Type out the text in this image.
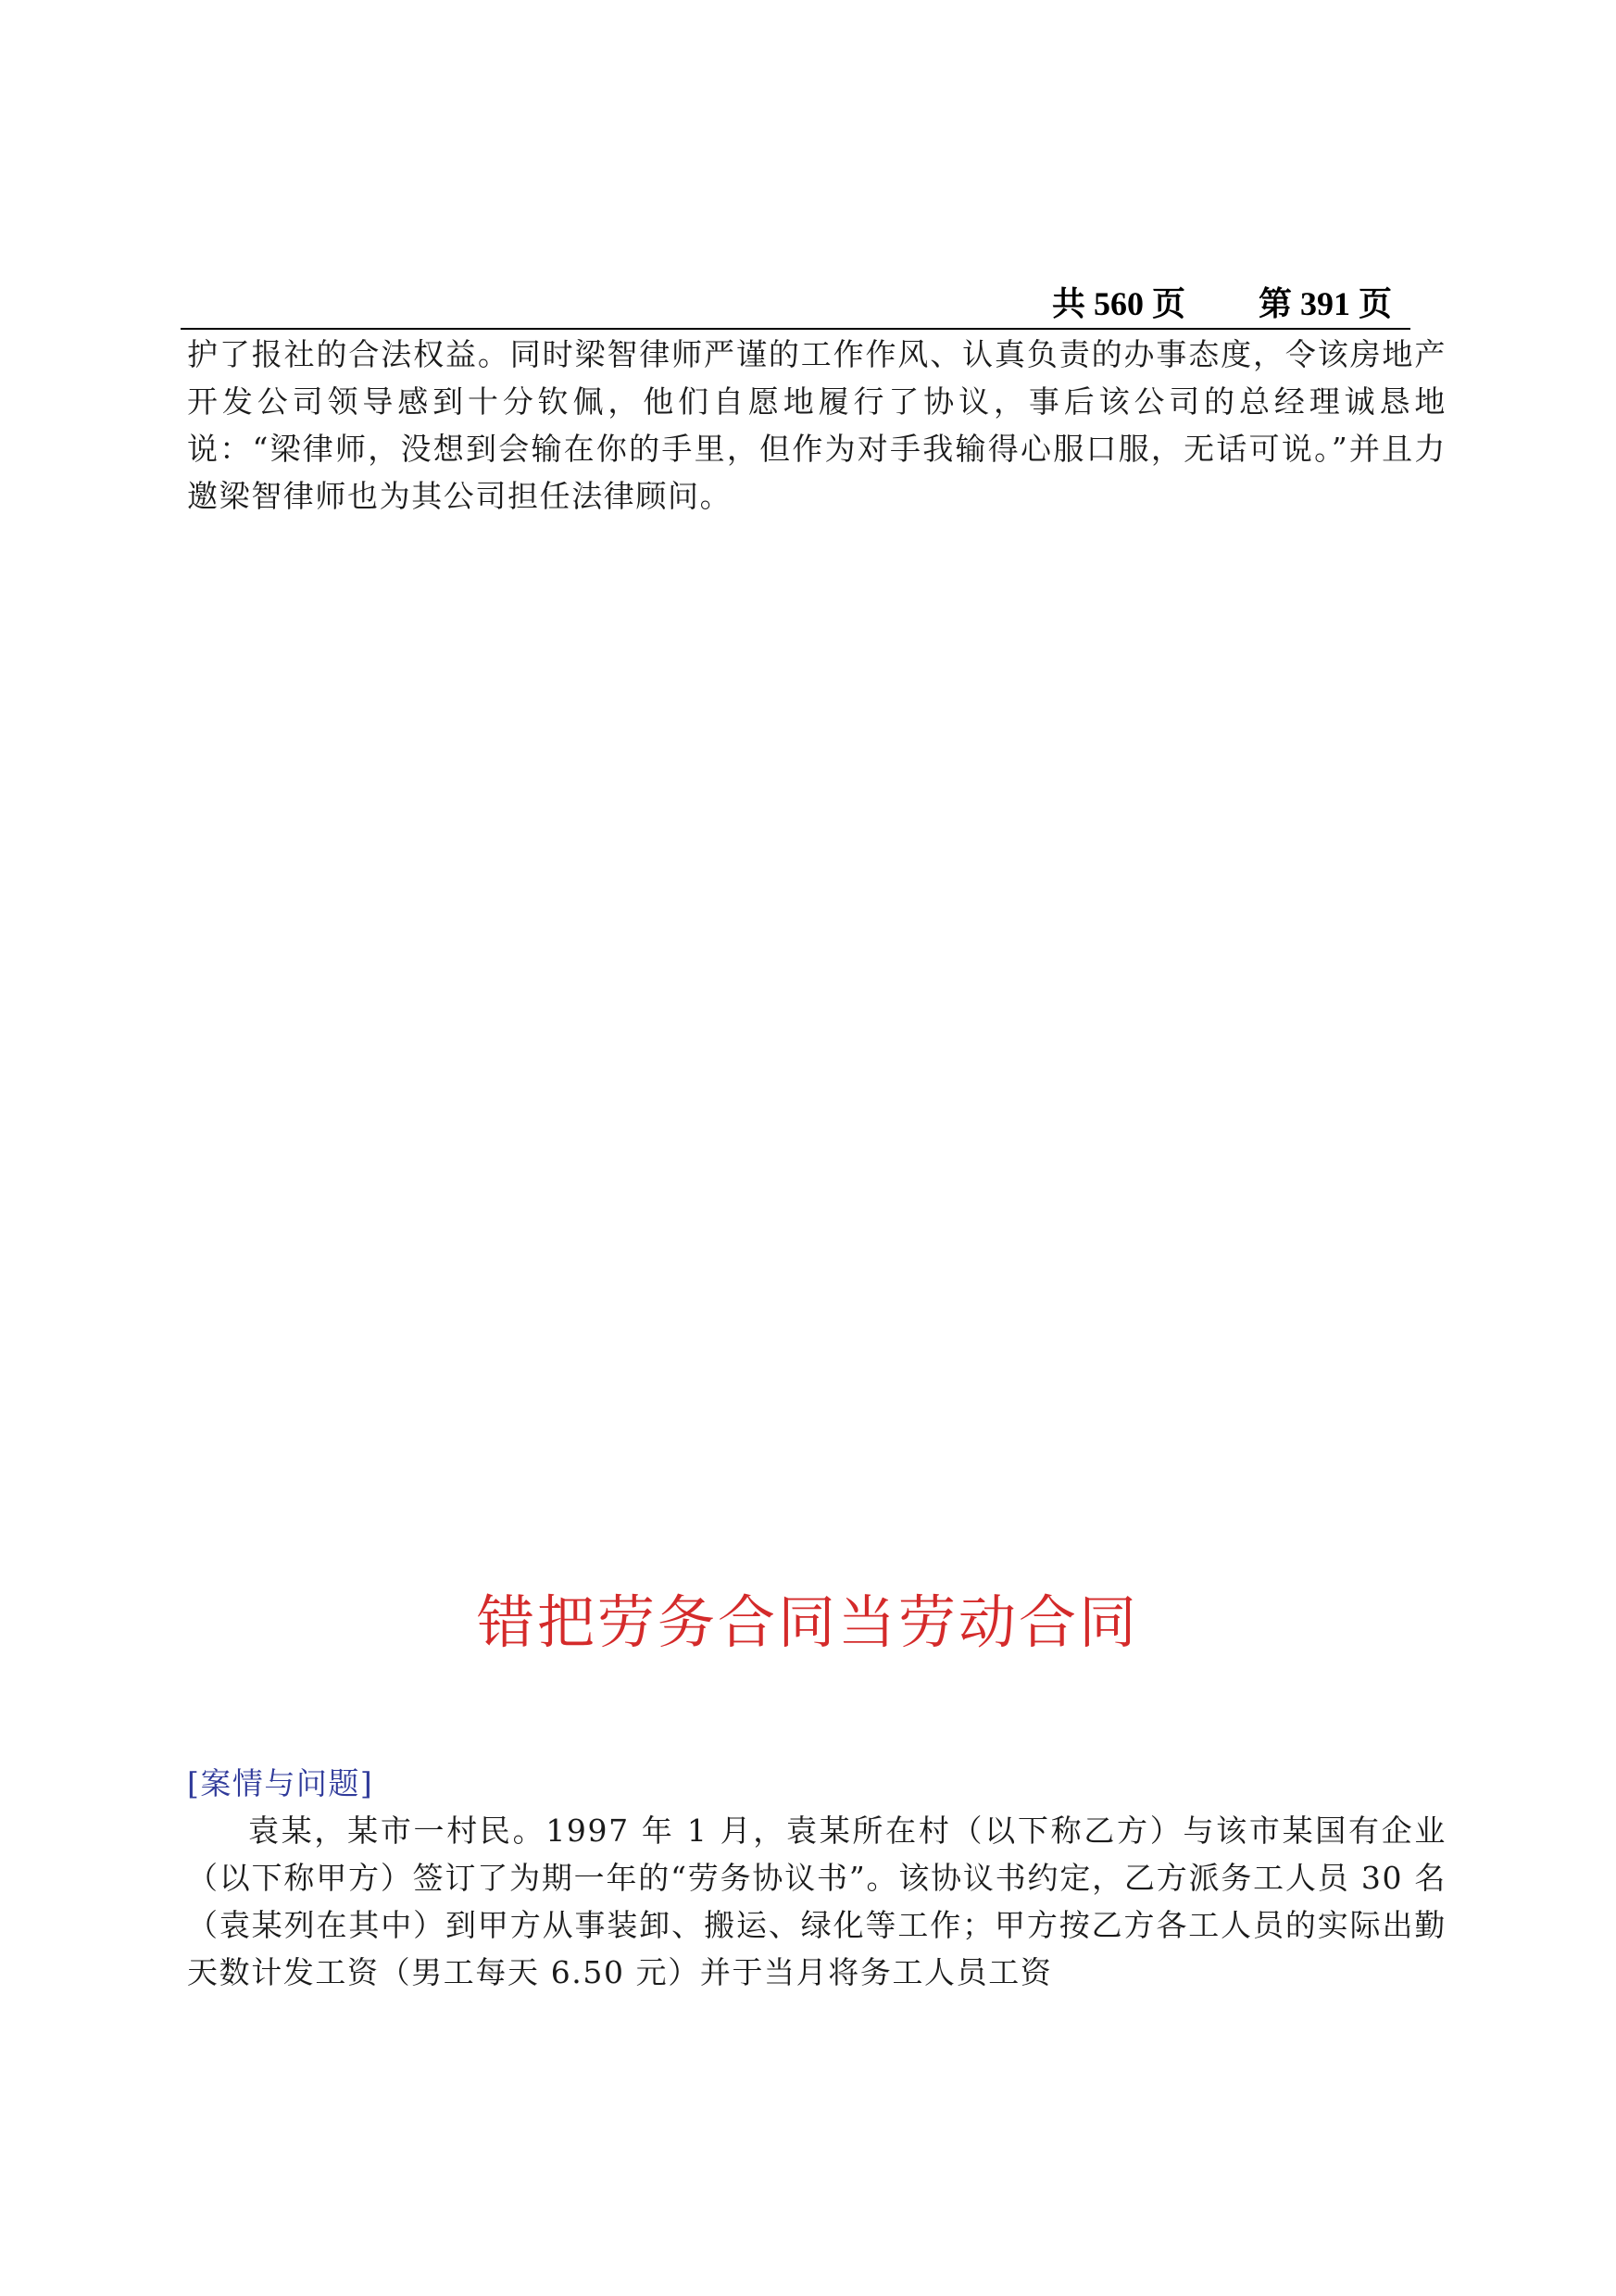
共 560 页 第 391 页
护了报社的合法权益。同时梁智律师严谨的工作作风、认真负责的办事态度，令该房地产开发公司领导感到十分钦佩，他们自愿地履行了协议，事后该公司的总经理诚恳地说：“梁律师，没想到会输在你的手里，但作为对手我输得心服口服，无话可说。”并且力邀梁智律师也为其公司担任法律顾问。
错把劳务合同当劳动合同
[案情与问题]
袁某，某市一村民。1997 年 1 月，袁某所在村（以下称乙方）与该市某国有企业（以下称甲方）签订了为期一年的“劳务协议书”。该协议书约定，乙方派务工人员 30 名（袁某列在其中）到甲方从事装卸、搬运、绿化等工作；甲方按乙方各工人员的实际出勤天数计发工资（男工每天 6.50 元）并于当月将务工人员工资
